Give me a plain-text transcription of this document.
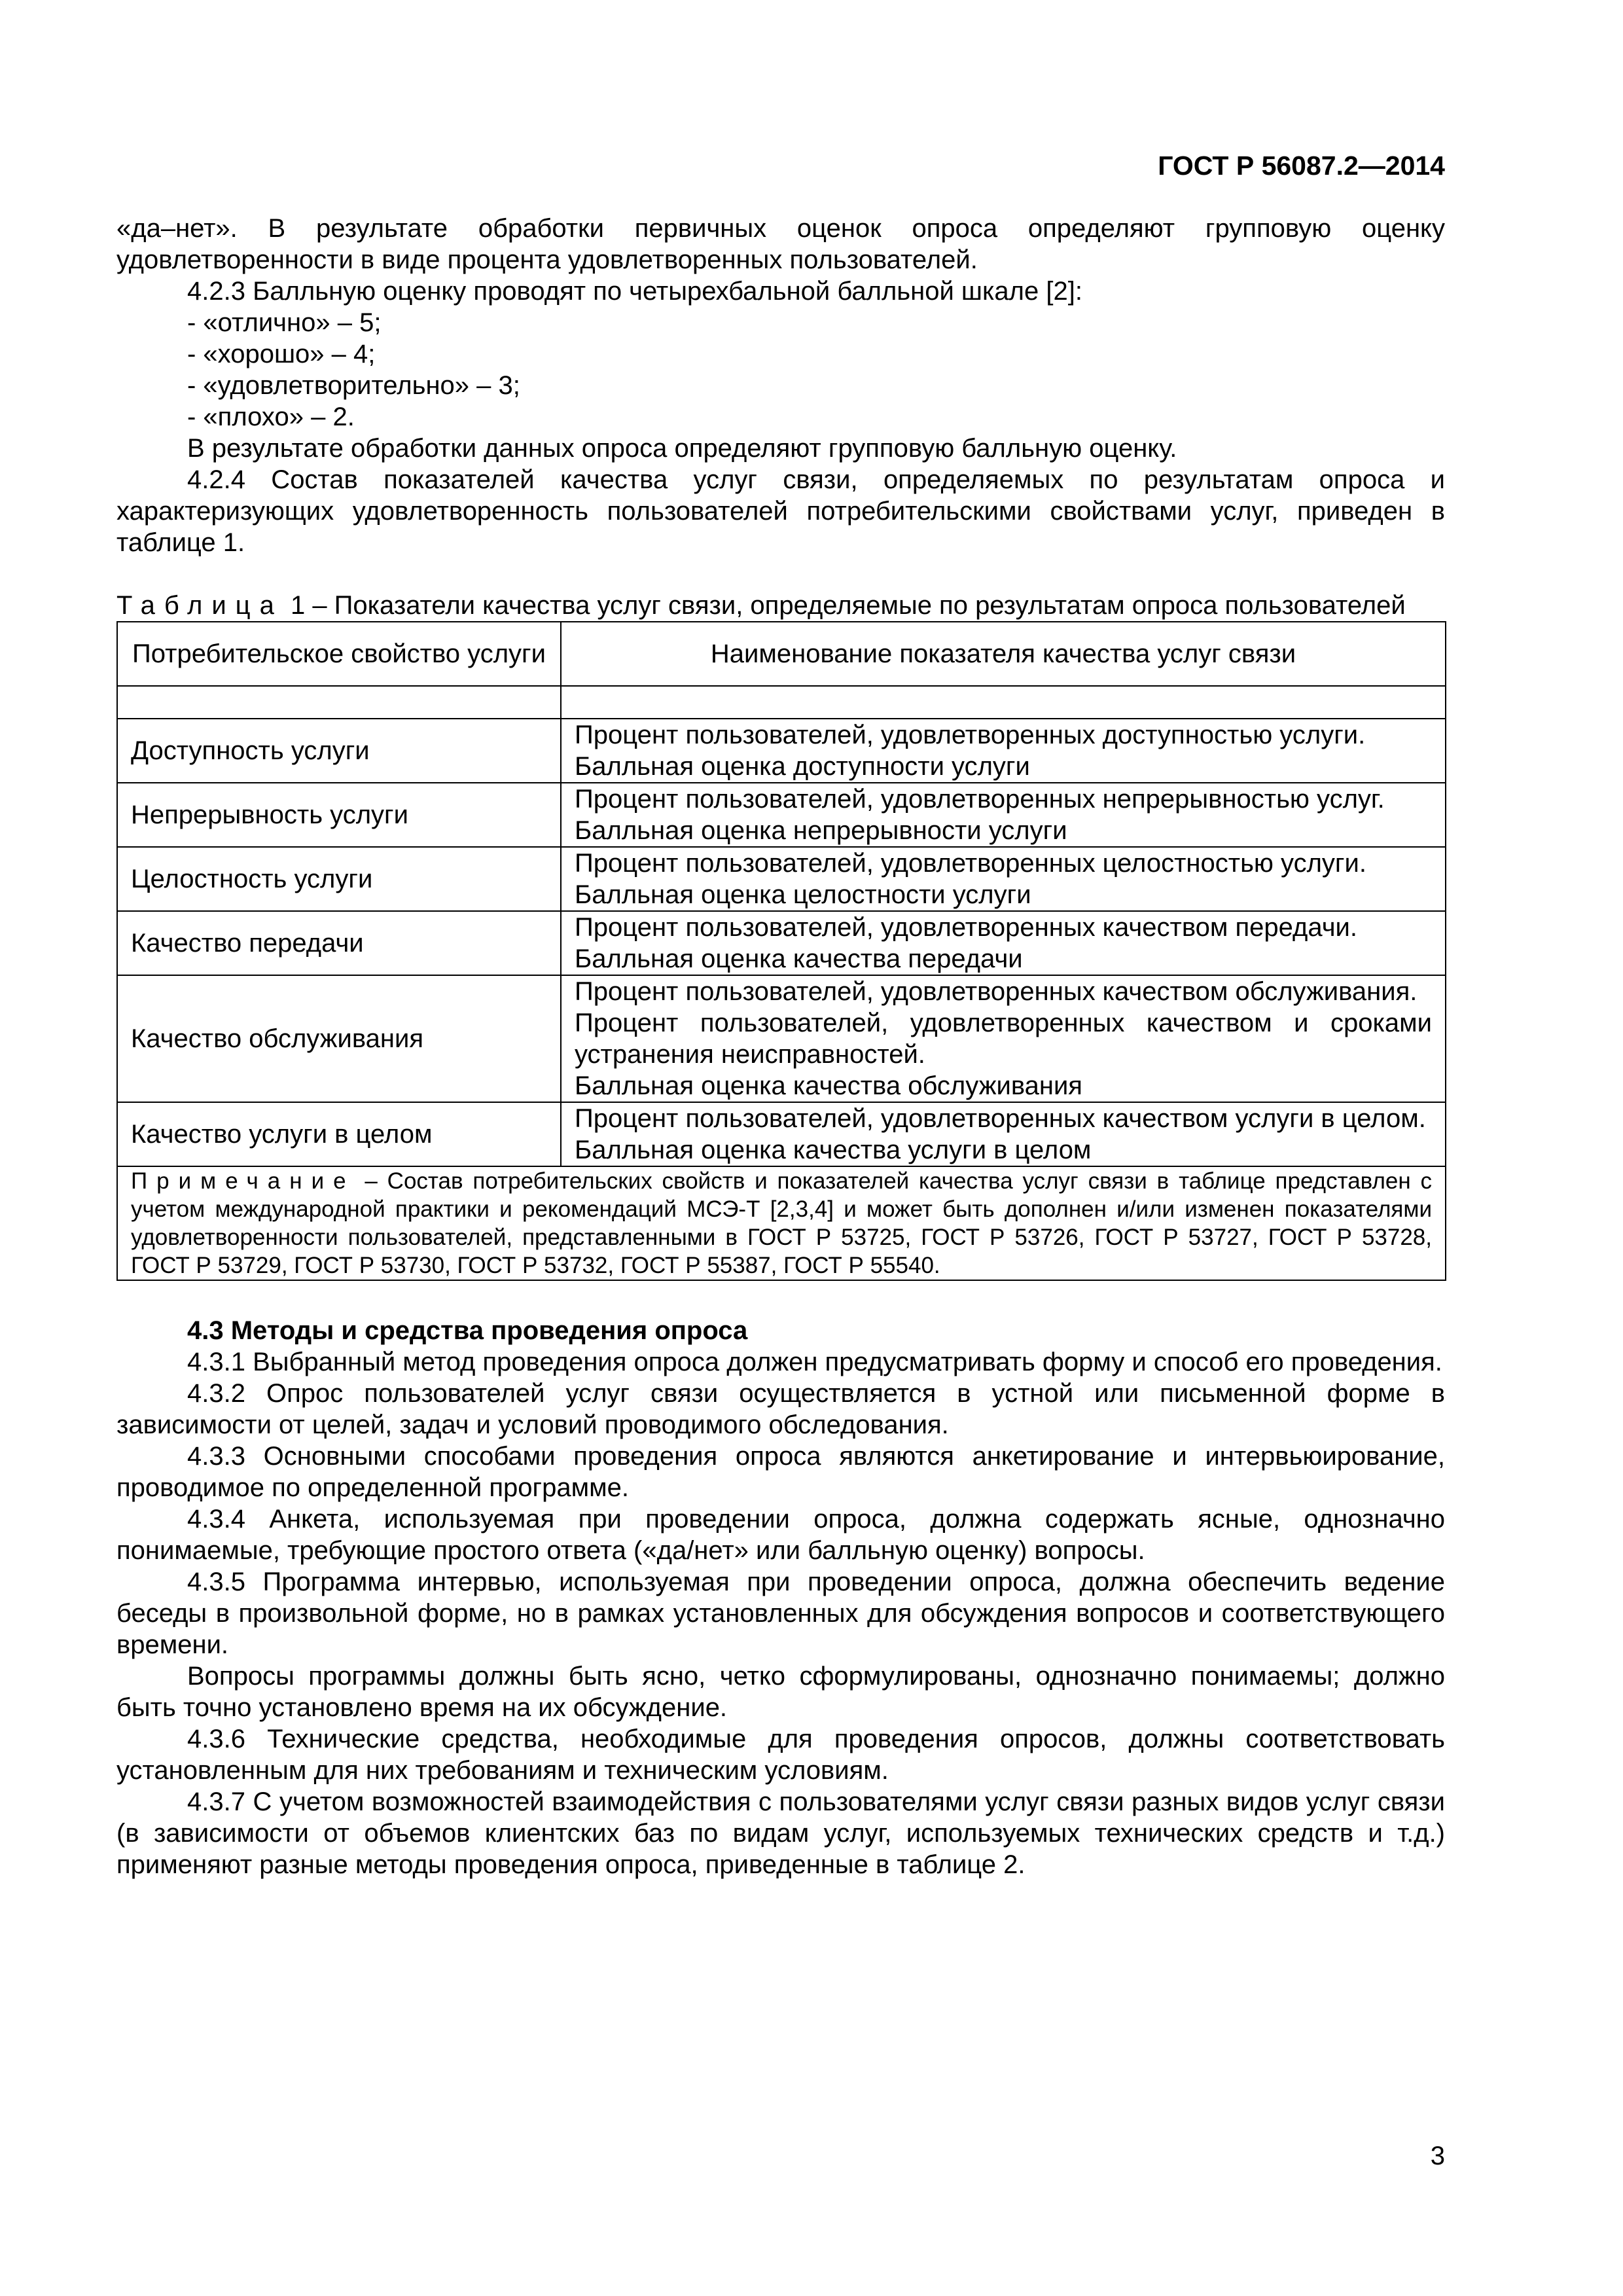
ГОСТ Р 56087.2—2014

«да–нет». В результате обработки первичных оценок опроса определяют групповую оценку удовлетворенности в виде процента удовлетворенных пользователей.

4.2.3 Балльную оценку проводят по четырехбальной балльной шкале [2]:

- «отлично» – 5;

- «хорошо» – 4;

- «удовлетворительно» – 3;

- «плохо» – 2.

В результате обработки данных опроса определяют групповую балльную оценку.

4.2.4 Состав показателей качества услуг связи, определяемых по результатам опроса и характеризующих удовлетворенность пользователей потребительскими свойствами услуг, приведен в таблице 1.

Таблица 1 – Показатели качества услуг связи, определяемые по результатам опроса пользователей

Потребительское свойство услуги	Наименование показателя качества услуг связи

Доступность услуги	Процент пользователей, удовлетворенных доступностью услуги.
Балльная оценка доступности услуги

Непрерывность услуги	Процент пользователей, удовлетворенных непрерывностью услуг.
Балльная оценка непрерывности услуги

Целостность услуги	Процент пользователей, удовлетворенных целостностью услуги.
Балльная оценка целостности услуги

Качество передачи	Процент пользователей, удовлетворенных качеством передачи.
Балльная оценка качества передачи

Качество обслуживания	Процент пользователей, удовлетворенных качеством обслуживания.
Процент пользователей, удовлетворенных качеством и сроками устранения неисправностей.
Балльная оценка качества обслуживания

Качество услуги в целом	Процент пользователей, удовлетворенных качеством услуги в целом.
Балльная оценка качества услуги в целом

Примечание – Состав потребительских свойств и показателей качества услуг связи в таблице представлен с учетом международной практики и рекомендаций МСЭ-Т [2,3,4] и может быть дополнен и/или изменен показателями удовлетворенности пользователей, представленными в ГОСТ Р 53725, ГОСТ Р 53726, ГОСТ Р 53727, ГОСТ Р 53728, ГОСТ Р 53729, ГОСТ Р 53730, ГОСТ Р 53732, ГОСТ Р 55387, ГОСТ Р 55540.	

4.3 Методы и средства проведения опроса

4.3.1 Выбранный метод проведения опроса должен предусматривать форму и способ его проведения.

4.3.2 Опрос пользователей услуг связи осуществляется в устной или письменной форме в зависимости от целей, задач и условий проводимого обследования.

4.3.3 Основными способами проведения опроса являются анкетирование и интервьюирование, проводимое по определенной программе.

4.3.4 Анкета, используемая при проведении опроса, должна содержать ясные, однозначно понимаемые, требующие простого ответа («да/нет» или балльную оценку) вопросы.

4.3.5 Программа интервью, используемая при проведении опроса, должна обеспечить ведение беседы в произвольной форме, но в рамках установленных для обсуждения вопросов и соответствующего времени.

Вопросы программы должны быть ясно, четко сформулированы, однозначно понимаемы; должно быть точно установлено время на их обсуждение.

4.3.6 Технические средства, необходимые для проведения опросов, должны соответствовать установленным для них требованиям и техническим условиям.

4.3.7 С учетом возможностей взаимодействия с пользователями услуг связи разных видов услуг связи (в зависимости от объемов клиентских баз по видам услуг, используемых технических средств и т.д.) применяют разные методы проведения опроса, приведенные в таблице 2.

3
